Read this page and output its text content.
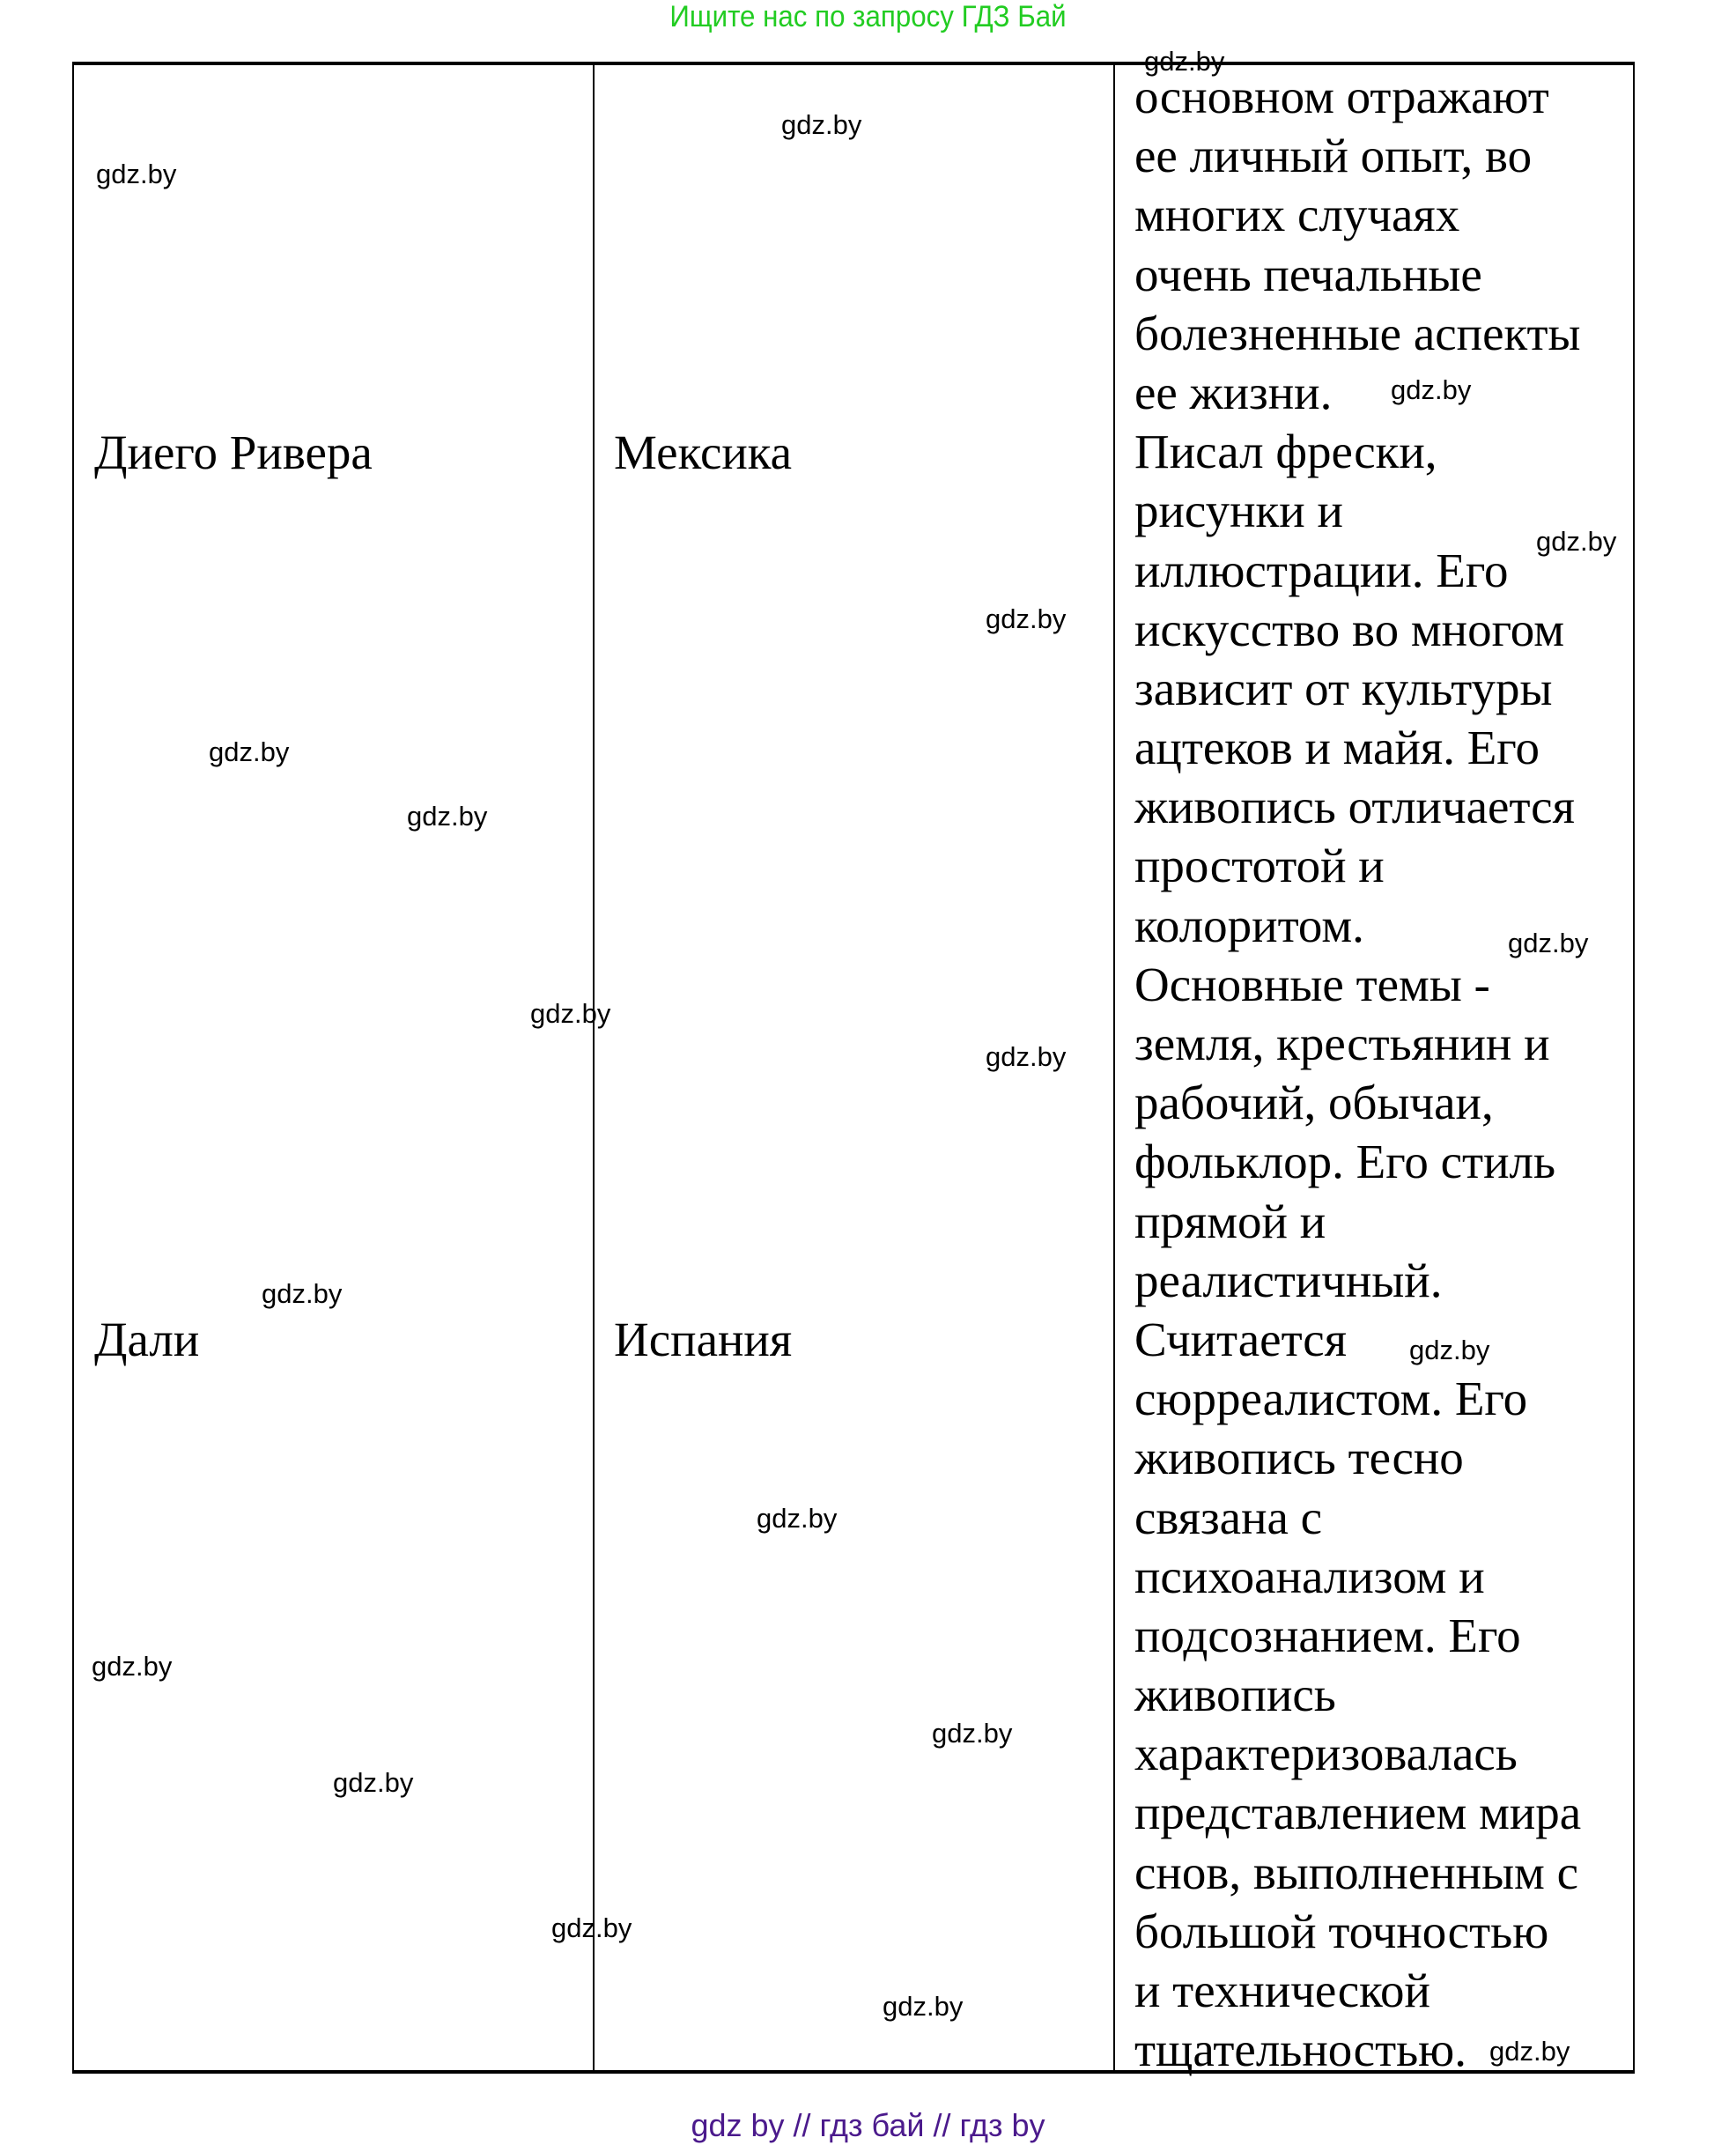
Ищите нас по запросу ГДЗ Бай
Диего Ривера	Мексика
Дали	Испания
основном отражают
ее личный опыт, во
многих случаях
очень печальные
болезненные аспекты
ее жизни.
Писал фрески,
рисунки и
иллюстрации. Его
искусство во многом
зависит от культуры
ацтеков и майя. Его
живопись отличается
простотой и
колоритом.
Основные темы -
земля, крестьянин и
рабочий, обычаи,
фольклор. Его стиль
прямой и
реалистичный.
Считается
сюрреалистом. Его
живопись тесно
связана с
психоанализом и
подсознанием. Его
живопись
характеризовалась
представлением мира
снов, выполненным с
большой точностью
и технической
тщательностью.
gdz.by
gdz.by
gdz.by
gdz.by
gdz.by
gdz.by
gdz.by
gdz.by
gdz.by
gdz.by
gdz.by
gdz.by
gdz.by
gdz.by
gdz.by
gdz.by
gdz.by
gdz.by
gdz.by
gdz.by
gdz by // гдз бай // гдз by
